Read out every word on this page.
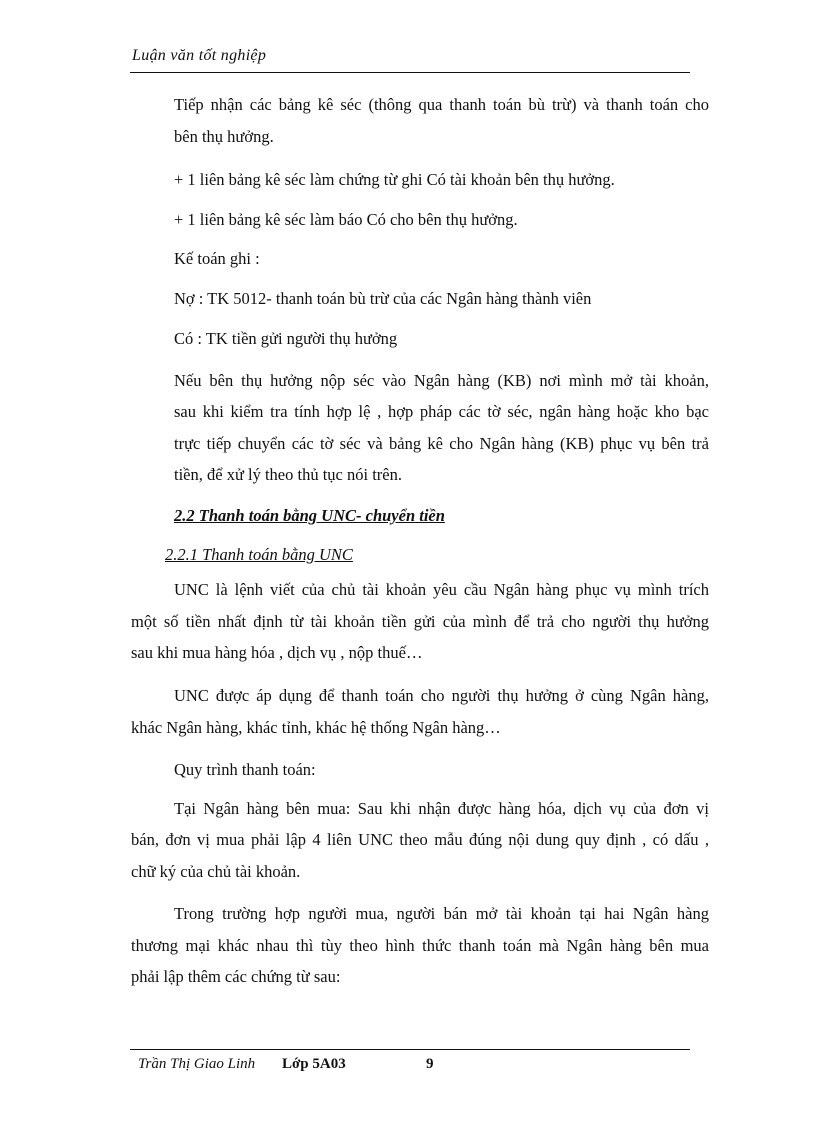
Luận văn tốt nghiệp
Tiếp nhận các bảng kê séc (thông qua thanh toán bù trừ) và thanh toán cho
bên thụ hưởng.
+ 1 liên bảng kê séc làm chứng từ ghi Có tài khoản bên thụ hưởng.
+ 1 liên bảng kê séc làm báo Có cho bên thụ hưởng.
Kế toán ghi :
Nợ : TK 5012- thanh toán bù trừ của các Ngân hàng thành viên
Có : TK tiền gửi người thụ hưởng
Nếu bên thụ hưởng nộp séc vào Ngân hàng (KB) nơi mình mở tài khoản,
sau khi kiểm tra tính hợp lệ , hợp pháp các tờ séc, ngân hàng hoặc kho bạc
trực tiếp chuyển các tờ séc và bảng kê cho Ngân hàng (KB) phục vụ bên trả
tiền, để xử lý theo thủ tục nói trên.
2.2 Thanh toán bằng UNC- chuyển tiền
2.2.1 Thanh toán bằng UNC
UNC là lệnh viết của chủ tài khoản yêu cầu Ngân hàng phục vụ mình trích
một số tiền nhất định từ tài khoản tiền gửi của mình để trả cho người thụ hưởng
sau khi mua hàng hóa , dịch vụ , nộp thuế…
UNC được áp dụng để thanh toán cho người thụ hưởng ở cùng Ngân hàng,
khác Ngân hàng, khác tỉnh, khác hệ thống Ngân hàng…
Quy trình thanh toán:
Tại Ngân hàng bên mua: Sau khi nhận được hàng hóa, dịch vụ của đơn vị
bán, đơn vị mua phải lập 4 liên UNC theo mẫu đúng nội dung quy định , có dấu ,
chữ ký của chủ tài khoản.
Trong trường hợp người mua, người bán mở tài khoản tại hai Ngân hàng
thương mại khác nhau thì tùy theo hình thức thanh toán mà Ngân hàng bên mua
phải lập thêm các chứng từ sau:
Trần Thị Giao Linh Lớp 5A03	9
